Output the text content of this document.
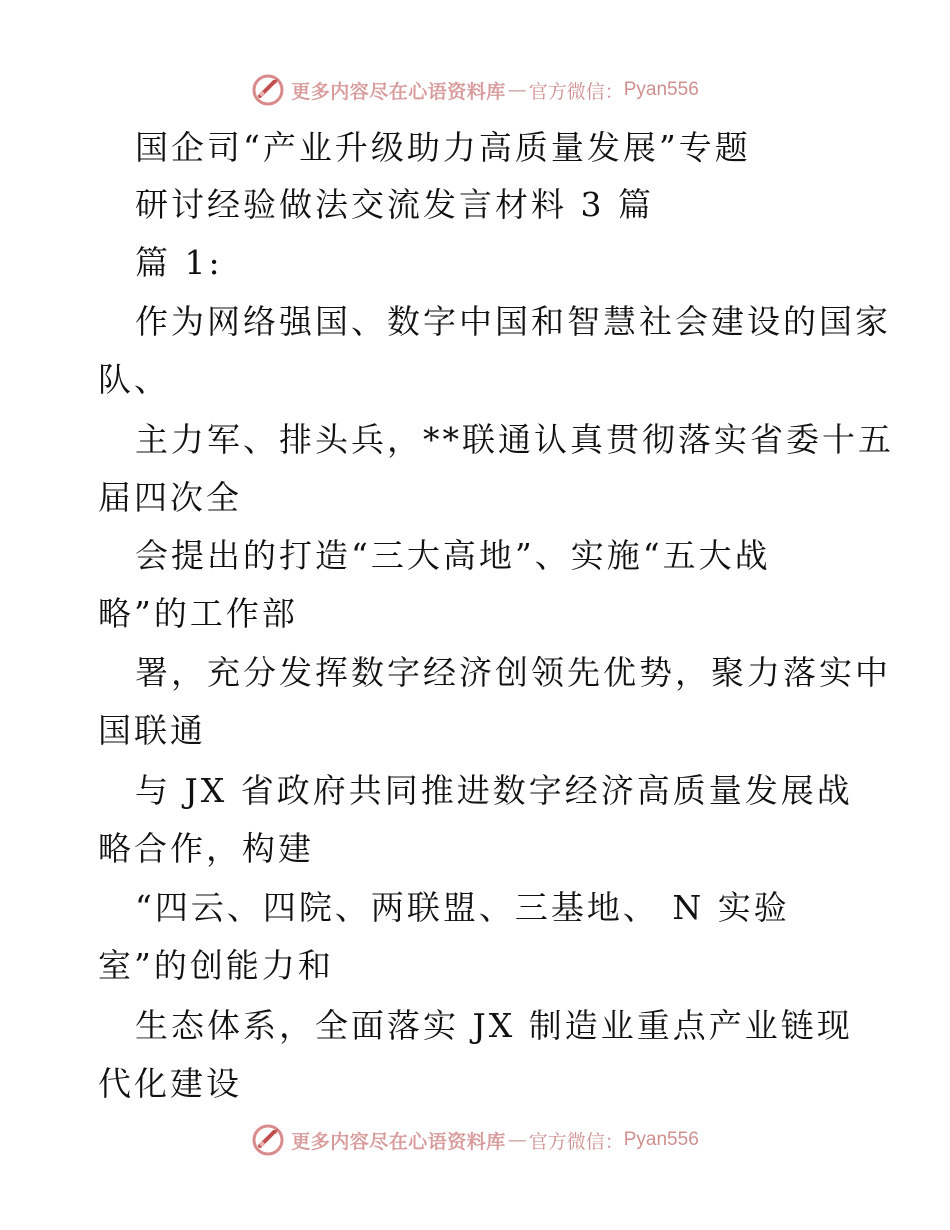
更多内容尽在心语资料库 — 官方微信： Pyan556
国企司“产业升级助力高质量发展”专题
研讨经验做法交流发言材料 3 篇
篇 1:
作为网络强国、数字中国和智慧社会建设的国家
队、
主力军、排头兵，**联通认真贯彻落实省委十五
届四次全
会提出的打造“三大高地”、实施“五大战
略”的工作部
署，充分发挥数字经济创领先优势，聚力落实中
国联通
与 JX 省政府共同推进数字经济高质量发展战
略合作，构建
“四云、四院、两联盟、三基地、 N 实验
室”的创能力和
生态体系，全面落实 JX 制造业重点产业链现
代化建设
更多内容尽在心语资料库 — 官方微信： Pyan556
